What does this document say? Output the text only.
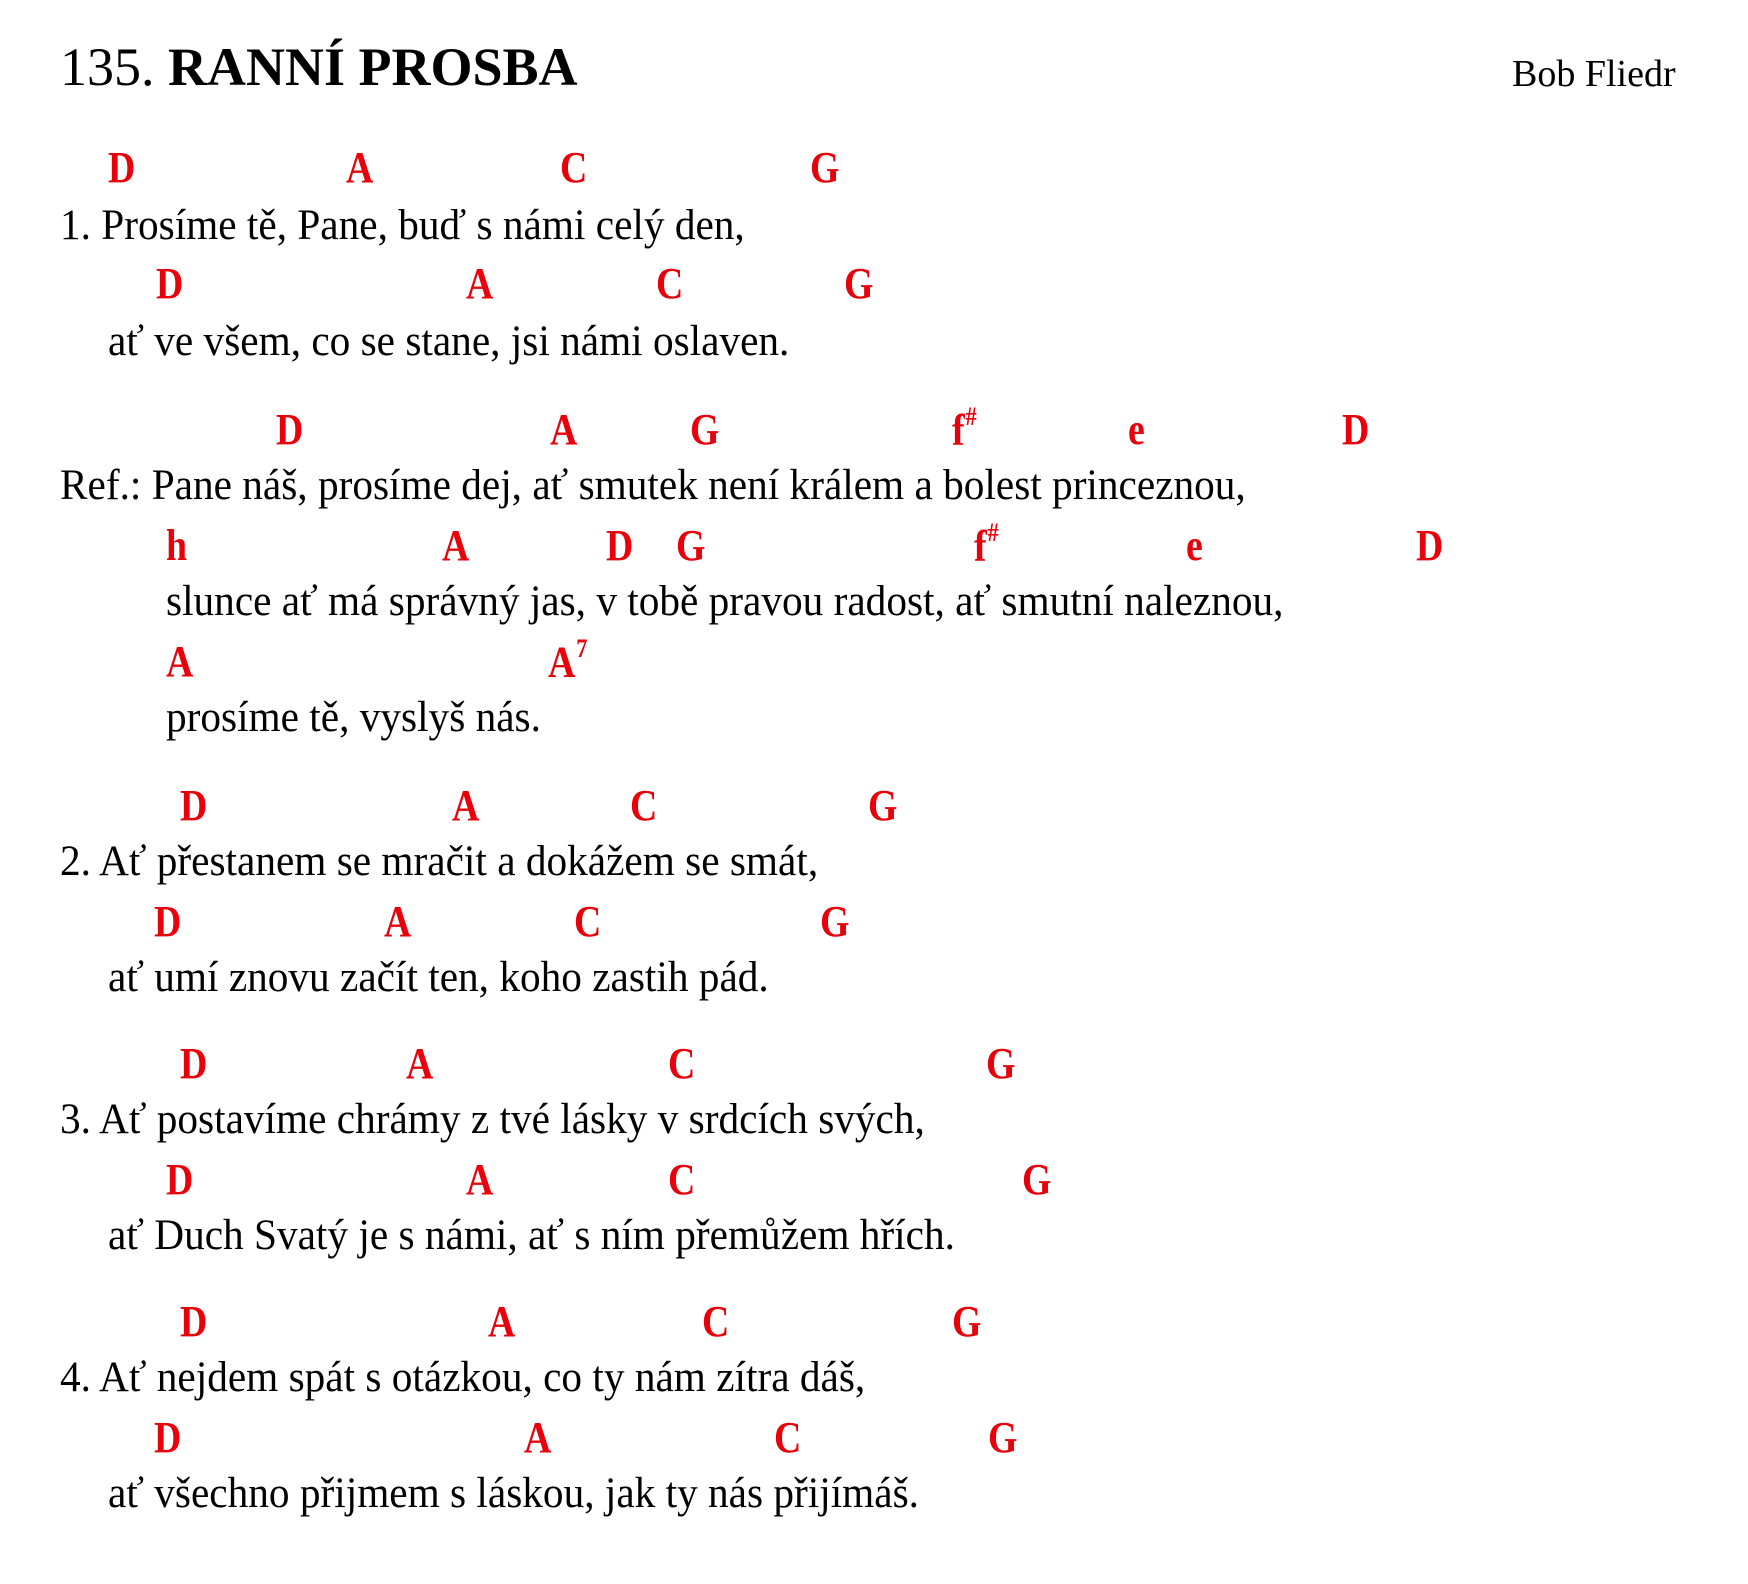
135. RANNÍ PROSBA	Bob Fliedr
D	A	C	G
1. Prosíme tě, Pane, buď s námi celý den,
D	A	C	G
ať ve všem, co se stane, jsi námi oslaven.
D	A	G	f#	e	D
Ref.: Pane náš, prosíme dej, ať smutek není králem a bolest princeznou,
h	A	D G	f#	e	D
slunce ať má správný jas, v tobě pravou radost, ať smutní naleznou,
A	$A^7$
prosíme tě, vyslyš nás.
D	A	C	G
2. Ať přestanem se mračit a dokážem se smát,
D	A	C	G
ať umí znovu začít ten, koho zastih pád.
D	A	C	G
3. Ať postavíme chrámy z tvé lásky v srdcích svých,
D	A	C	G
ať Duch Svatý je s námi, ať s ním přemůžem hřích.
D	A	C	G
4. Ať nejdem spát s otázkou, co ty nám zítra dáš,
D	A	C	G
ať všechno přijmem s láskou, jak ty nás přijímáš.
